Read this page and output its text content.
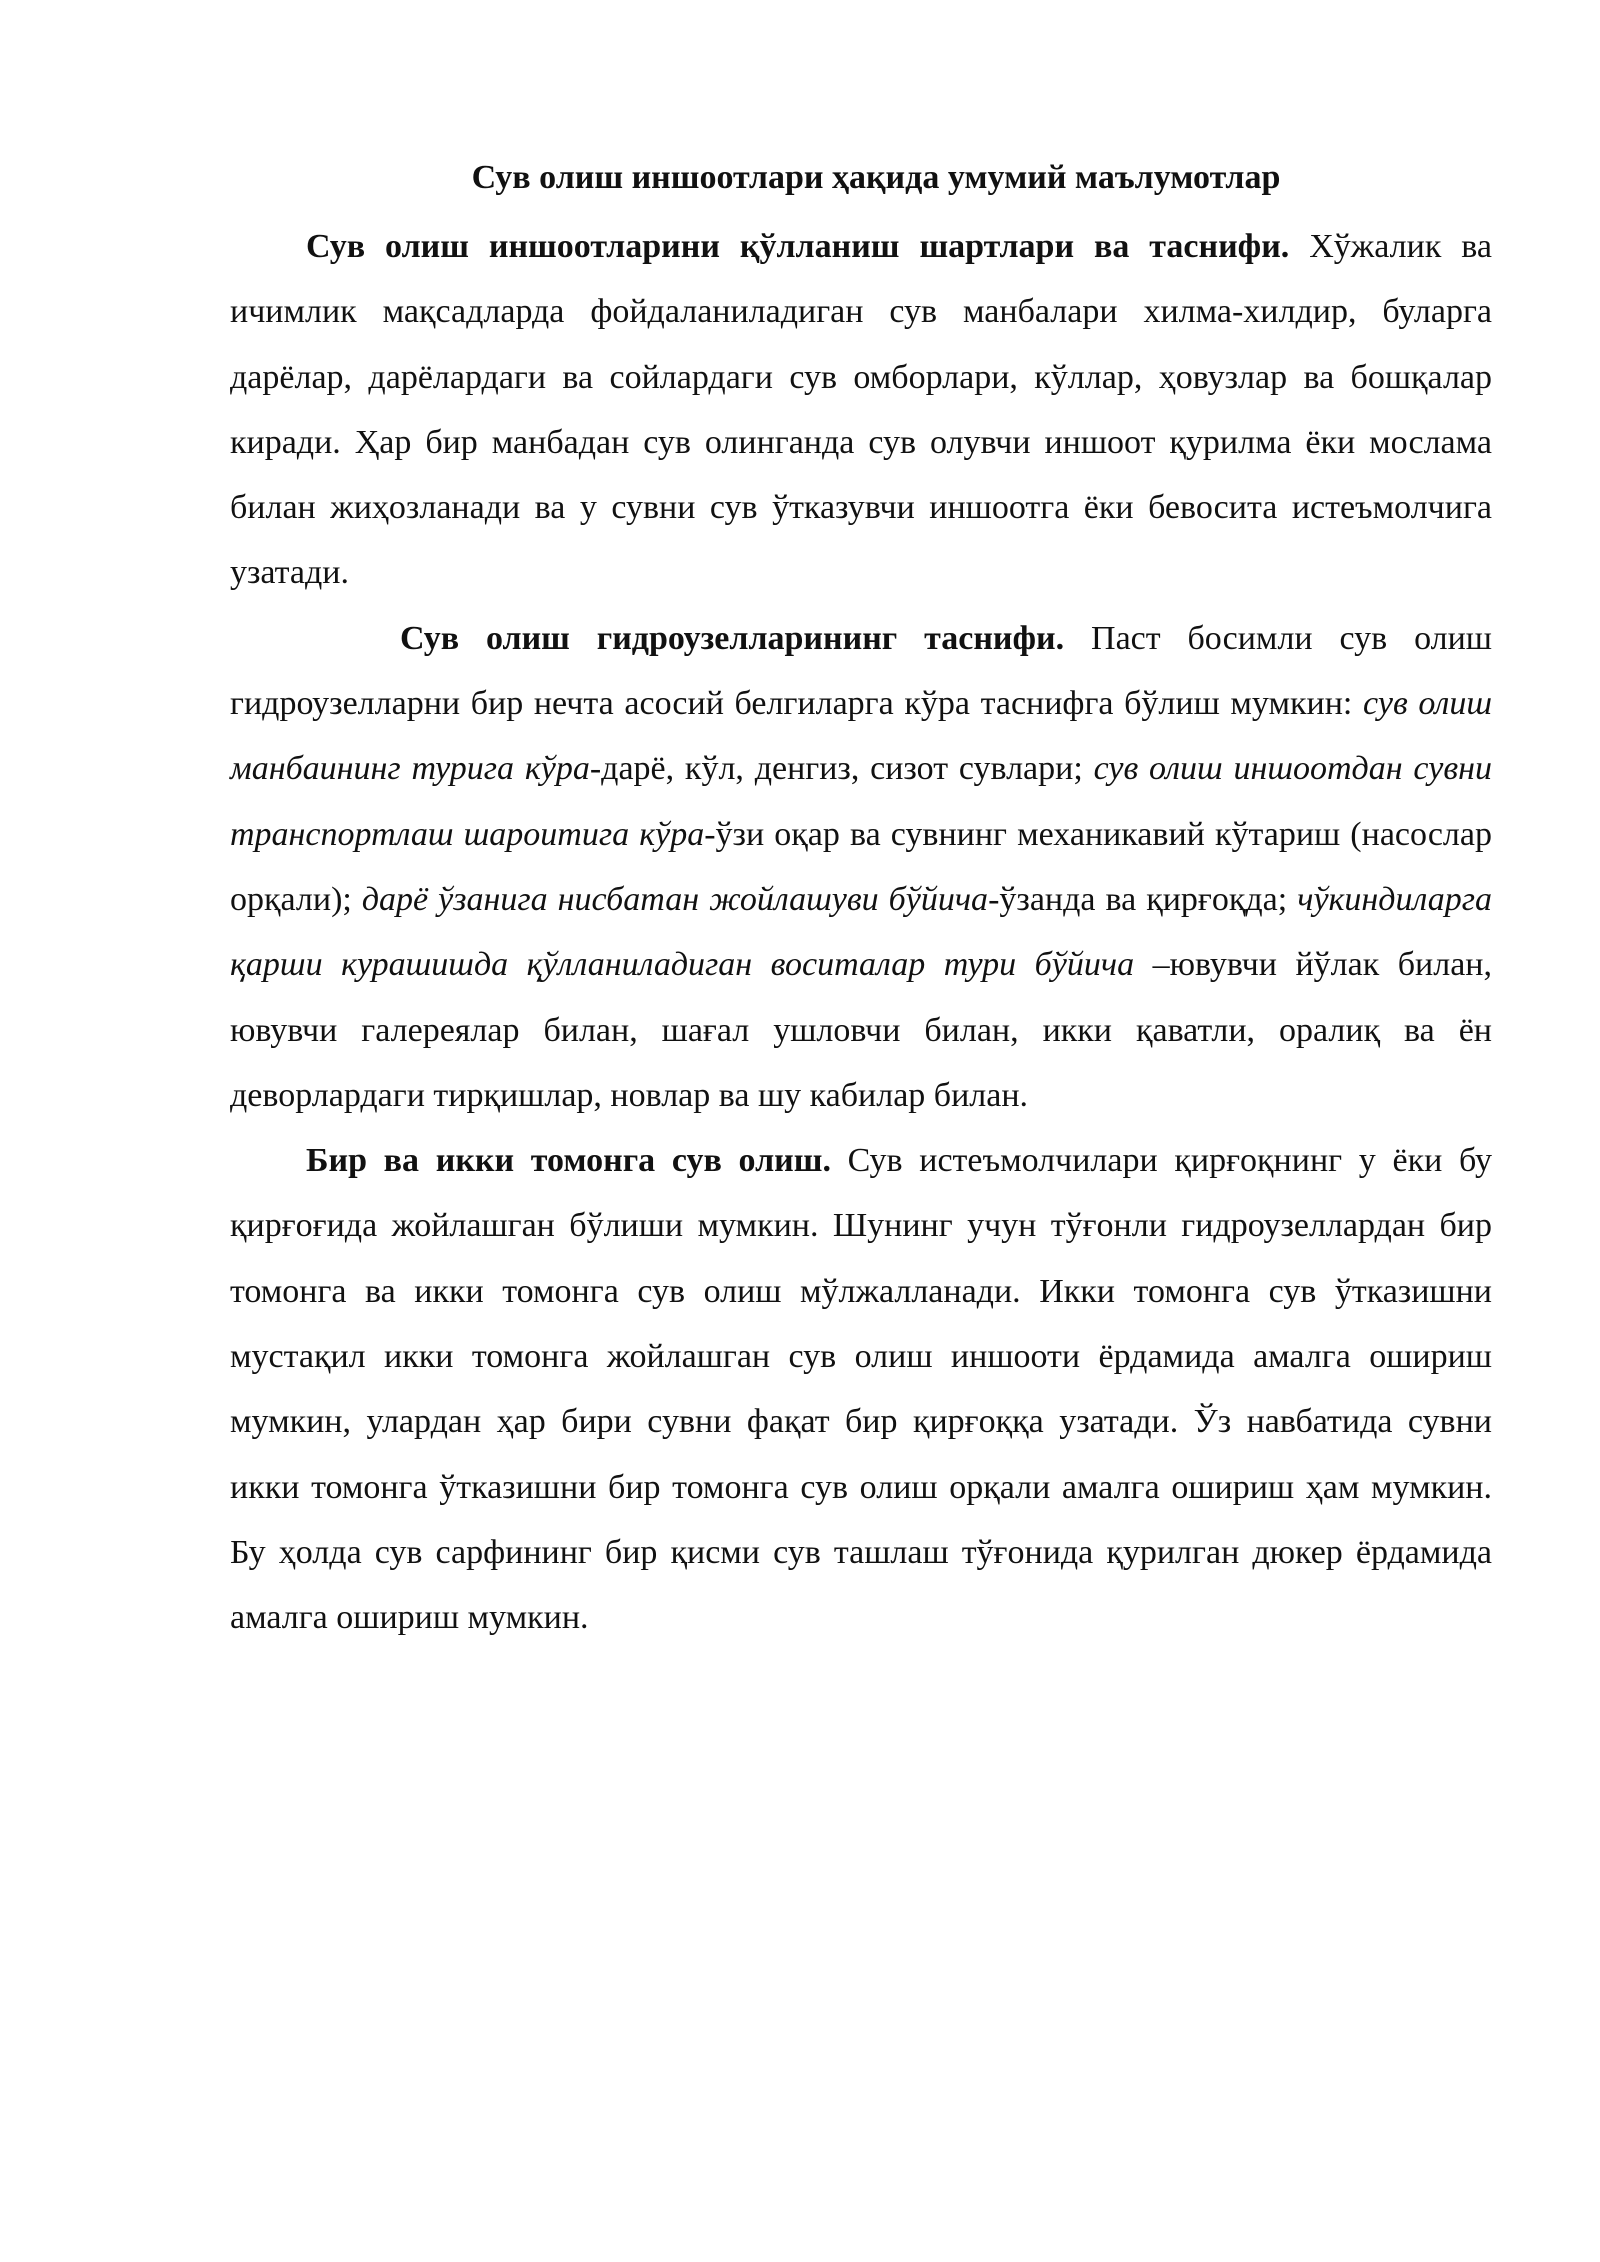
Сув олиш иншоотлари ҳақида умумий маълумотлар

Сув олиш иншоотларини қўлланиш шартлари ва таснифи. Хўжалик ва ичимлик мақсадларда фойдаланиладиган сув манбалари хилма-хилдир, буларга дарёлар, дарёлардаги ва сойлардаги сув омборлари, кўллар, ҳовузлар ва бошқалар киради. Ҳар бир манбадан сув олинганда сув олувчи иншоот қурилма ёки мослама билан жиҳозланади ва у сувни сув ўтказувчи иншоотга ёки бевосита истеъмолчига узатади.

Сув олиш гидроузелларининг таснифи. Паст босимли сув олиш гидроузелларни бир нечта асосий белгиларга кўра таснифга бўлиш мумкин: сув олиш манбаининг турига кўра-дарё, кўл, денгиз, сизот сувлари; сув олиш иншоотдан сувни транспортлаш шароитига кўра-ўзи оқар ва сувнинг механикавий кўтариш (насослар орқали); дарё ўзанига нисбатан жойлашуви бўйича-ўзанда ва қирғоқда; чўкиндиларга қарши курашишда қўлланиладиган воситалар тури бўйича –ювувчи йўлак билан, ювувчи галереялар билан, шағал ушловчи билан, икки қаватли, оралиқ ва ён деворлардаги тирқишлар, новлар ва шу кабилар билан.

Бир ва икки томонга сув олиш. Сув истеъмолчилари қирғоқнинг у ёки бу қирғоғида жойлашган бўлиши мумкин. Шунинг учун тўғонли гидроузеллардан бир томонга ва икки томонга сув олиш мўлжалланади. Икки томонга сув ўтказишни мустақил икки томонга жойлашган сув олиш иншооти ёрдамида амалга ошириш мумкин, улардан ҳар бири сувни фақат бир қирғоққа узатади. Ўз навбатида сувни икки томонга ўтказишни бир томонга сув олиш орқали амалга ошириш ҳам мумкин. Бу ҳолда сув сарфининг бир қисми сув ташлаш тўғонида қурилган дюкер ёрдамида амалга ошириш мумкин.
